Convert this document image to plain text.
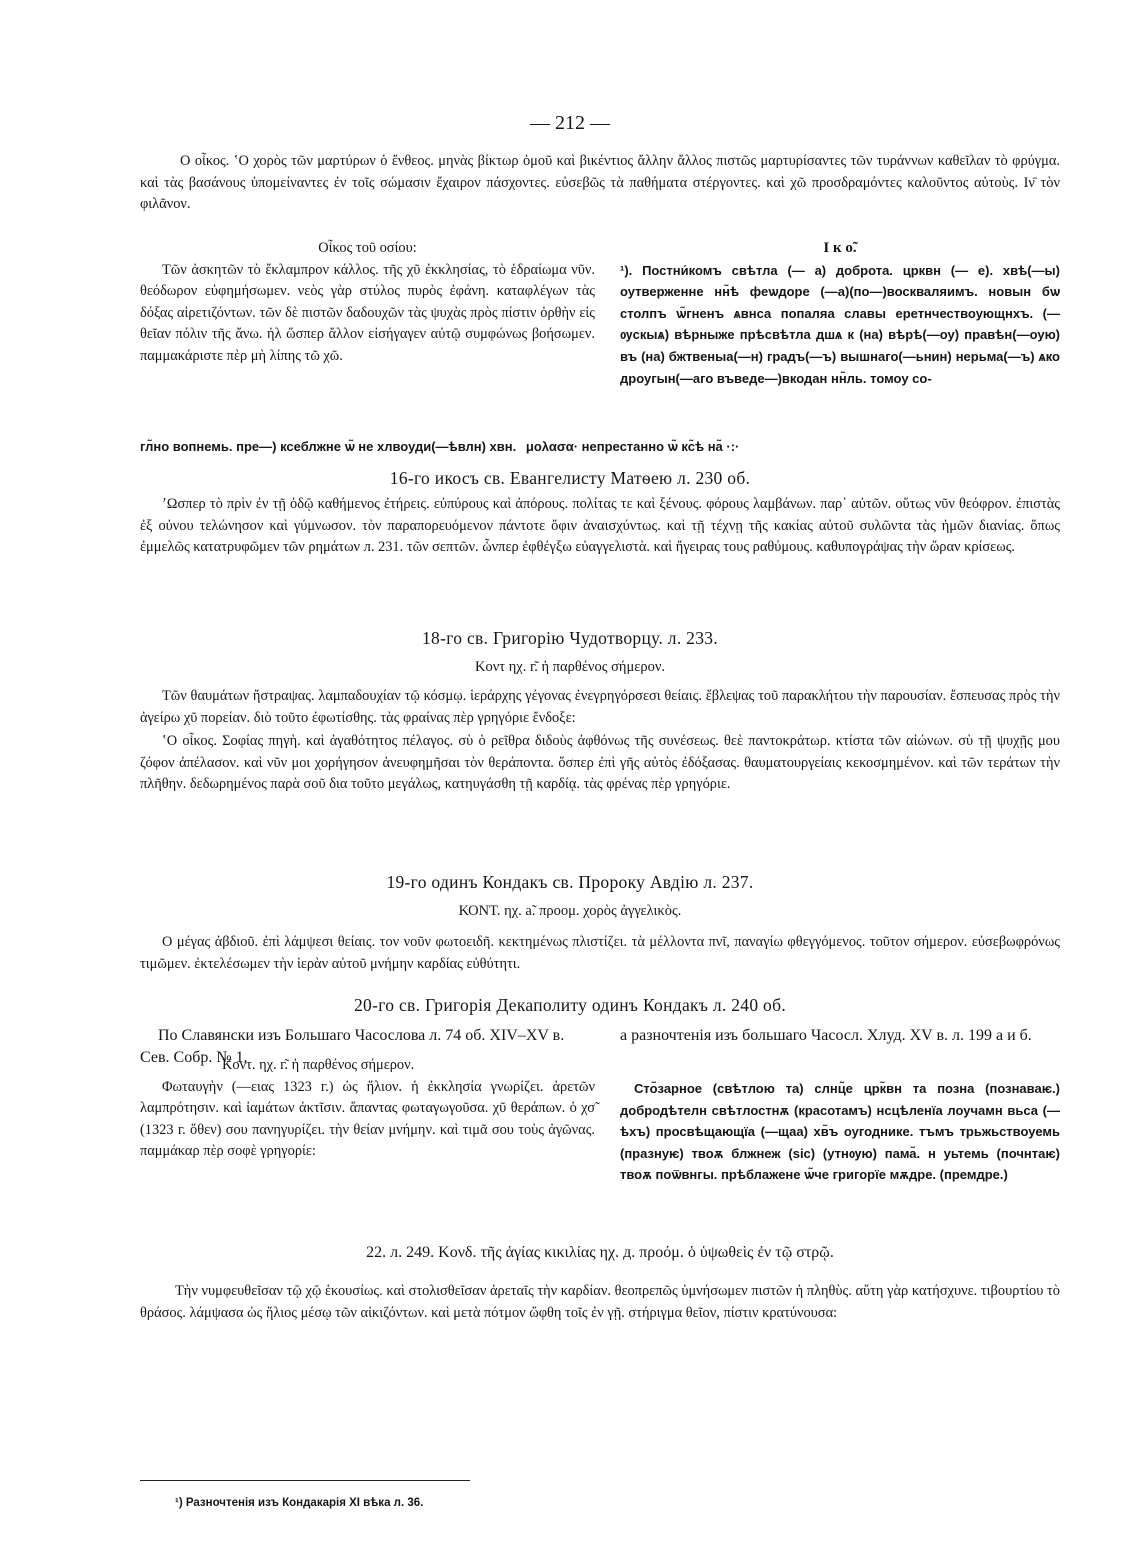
— 212 —

Ο οἶκος. ʽΟ χορὸς τῶν μαρτύρων ὁ ἔνθεος. μηνὰς βίκτωρ ὁμοῦ καὶ βικέντιος ἄλλην ἄλλος πιστῶς μαρτυρίσαντες τῶν τυράννων καθεῖλαν τὸ φρύγμα. καὶ τὰς βασάνους ὑπομείναντες ἐν τοῖς σώμασιν ἔχαιρον πάσχοντες. εὐσεβῶς τὰ παθήματα στέργοντες. καὶ χῶ προσδραμόντες καλοῦντος αὐτοὺς. Ιν̄ τὸν φιλᾶνον.

Οἶκος τοῦ οσίου:

Τῶν ἀσκητῶν τὸ ἔκλαμπρον κάλλος. τῆς χῦ ἐκκλησίας, τὸ ἑδραίωμα νῦν. θεόδωρον εὐφημήσωμεν. νεὸς γὰρ στύλος πυρὸς ἐφάνη. καταφλέγων τὰς δόξας αἱρετιζόντων. τῶν δὲ πιστῶν δαδουχῶν τὰς ψυχὰς πρὸς πίστιν ὀρθὴν εἰς θεῖαν πόλιν τῆς ἄνω. ἠλ ὥσπερ ἄλλον εἰσήγαγεν αὐτῷ συμφώνως βοήσωμεν. παμμακάριστε πὲρ μὴ λίπης τῶ χῶ.

І к о̃.

¹). Постни́комъ свѣтла (— а) доброта. црквн (— е). хвѣ(—ы) оутверженне нн̃ѣ феѡдоре (—а)(по—)воскваляимъ. новын бѡ столпъ ѡ̃гненъ ѧвнса попаляа славы еретнчествоующнхъ. (—ѹскыѧ) вѣрныже прѣсвѣтла дшѧ к (на) вѣрѣ(—оу) правѣн(—оую) въ (на) бжтвеныа(—н) градъ(—ъ) вышнаго(—ьнин) нерьма(—ъ) ѧко дроугын(—аго въведе—)вкодан нн̃ль. томоу со-

гл̃но вопнемь. пре—) ксеблжне ѡ̃ не хлвоуди(—ѣвлн) хвн. μολασα· непрестанно ѡ̃ кс̃ѣ на̃ ·:·
16-го икосъ св. Евангелисту Матѳею л. 230 об.

ʼΩσπερ τὸ πρὶν ἐν τῇ ὁδῷ καθήμενος ἐτήρεις. εὐπύρους καὶ ἀπόρους. πολίτας τε καὶ ξένους. φόρους λαμβάνων. παρ᾽ αὐτῶν. οὕτως νῦν θεόφρον. ἐπιστὰς ἐξ οὐνου τελώνησον καὶ γύμνωσον. τὸν παραπορευόμενον πάντοτε ὄφιν ἀναισχύντως. καὶ τῇ τέχνῃ τῆς κακίας αὐτοῦ συλῶντα τὰς ἡμῶν διανίας. ὅπως ἐμμελῶς κατατρυφῶμεν τῶν ρημάτων л. 231. τῶν σεπτῶν. ὧνπερ ἐφθέγξω εὐαγγελιστὰ. καὶ ἤγειρας τους ραθύμους. καθυπογράψας τὴν ὥραν κρίσεως.

18-го св. Григорію Чудотворцу. л. 233.
Κοντ ηχ. г̃. ἡ παρθένος σήμερον.

Τῶν θαυμάτων ἤστραψας. λαμπαδουχίαν τῷ κόσμῳ. ἱεράρχης γέγονας ἐνεγρηγόρσεσι θείαις. ἔβλεψας τοῦ παρακλήτου τὴν παρουσίαν. ἔσπευσας πρὸς τὴν ἀγείρω χῦ πορείαν. διὸ τοῦτο ἐφωτίσθης. τὰς φραίνας πὲρ γρηγόριε ἔνδοξε:

ʽΟ οἶκος. Σοφίας πηγὴ. καὶ ἀγαθότητος πέλαγος. σὺ ὁ ρεῖθρα διδοὺς ἀφθόνως τῆς συνέσεως. θεὲ παντοκράτωρ. κτίστα τῶν αἰώνων. σὺ τῇ ψυχῇς μου ζόφον ἀπέλασον. καὶ νῦν μοι χορήγησον ἀνευφημῆσαι τὸν θεράποντα. ὅσπερ ἐπὶ γῆς αὐτὸς ἐδόξασας. θαυματουργείαις κεκοσμημένον. καὶ τῶν τεράτων τὴν πλῆθην. δεδωρημένος παρὰ σοῦ δια τοῦτο μεγάλως, κατηυγάσθη τῇ καρδίᾳ. τὰς φρένας πὲρ γρηγόριε.

19-го одинъ Кондакъ св. Пророку Авдію л. 237.
ΚΟΝΤ. ηχ. а̃. προομ. χορὸς ἀγγελικὸς.

Ο μέγας ἀβδιοῦ. ἐπὶ λάμψεσι θείαις. τον νοῦν φωτοειδῆ. κεκτημένως πλιστίζει. τὰ μέλλοντα πνῖ, παναγίω φθεγγόμενος. τοῦτον σήμερον. εὐσεβωφρόνως τιμῶμεν. ἐκτελέσωμεν τὴν ἱερὰν αὐτοῦ μνήμην καρδίας εὐθύτητι.

20-го св. Григорія Декаполиту одинъ Кондакъ л. 240 об.

По Славянски изъ Большаго Часослова л. 74 об. XIV–XV в. Сев. Собр. № 1.

а разночтенія изъ большаго Часосл. Хлуд. XV в. л. 199 а и б.

Κοντ. ηχ. г̃. ἡ παρθένος σήμερον.

Φωταυγὴν (—ειας 1323 г.) ὡς ἥλιον. ἡ ἐκκλησία γνωρίζει. ἀρετῶν λαμπρότησιν. καὶ ἰαμάτων ἀκτῖσιν. ἅπαντας φωταγωγοῦσα. χῦ θεράπων. ὁ χσ̃ (1323 г. ὅθεν) σου πανηγυρίζει. τὴν θείαν μνήμην. καὶ τιμᾶ σου τοὺς ἀγῶνας. παμμάκαρ πὲρ σοφὲ γρηγορίε:

Сто̃зарное (свѣтлою та) слнц̃е црк̃вн та позна (познаваѥ.) добродѣтелн свѣтлостнѫ (красотамъ) нсцѣленїа лоучамн вьса (—ѣхъ) просвѣщающїа (—щаа) хв̃ъ оугоднике. тъмъ трьжьствоуемь (празнуѥ) твоѫ блжнеж (sic) (утнѹю) пама̃. н уьтемь (почнтаѥ) твоѫ поѿвнгы. прѣблажене ѡ̃че григорїе мѫдре. (премдре.)

22. л. 249. Κονδ. τῆς ἁγίας κικιλίας ηχ. д. προόμ. ὁ ὑψωθεὶς ἐν τῷ στρῷ.

Τὴν νυμφευθεῖσαν τῷ χῷ ἑκουσίως. καὶ στολισθεῖσαν ἀρεταῖς τὴν καρδίαν. θεοπρεπῶς ὑμνήσωμεν πιστῶν ἡ πληθὺς. αὕτη γὰρ κατήσχυνε. τιβουρτίου τὸ θράσος. λάμψασα ὡς ἥλιος μέσῳ τῶν αἰκιζόντων. καὶ μετὰ πότμον ὤφθη τοῖς ἐν γῇ. στήριγμα θεῖον, πίστιν κρατύνουσα:

¹) Разночтенія изъ Кондакарія XI вѣка л. 36.
